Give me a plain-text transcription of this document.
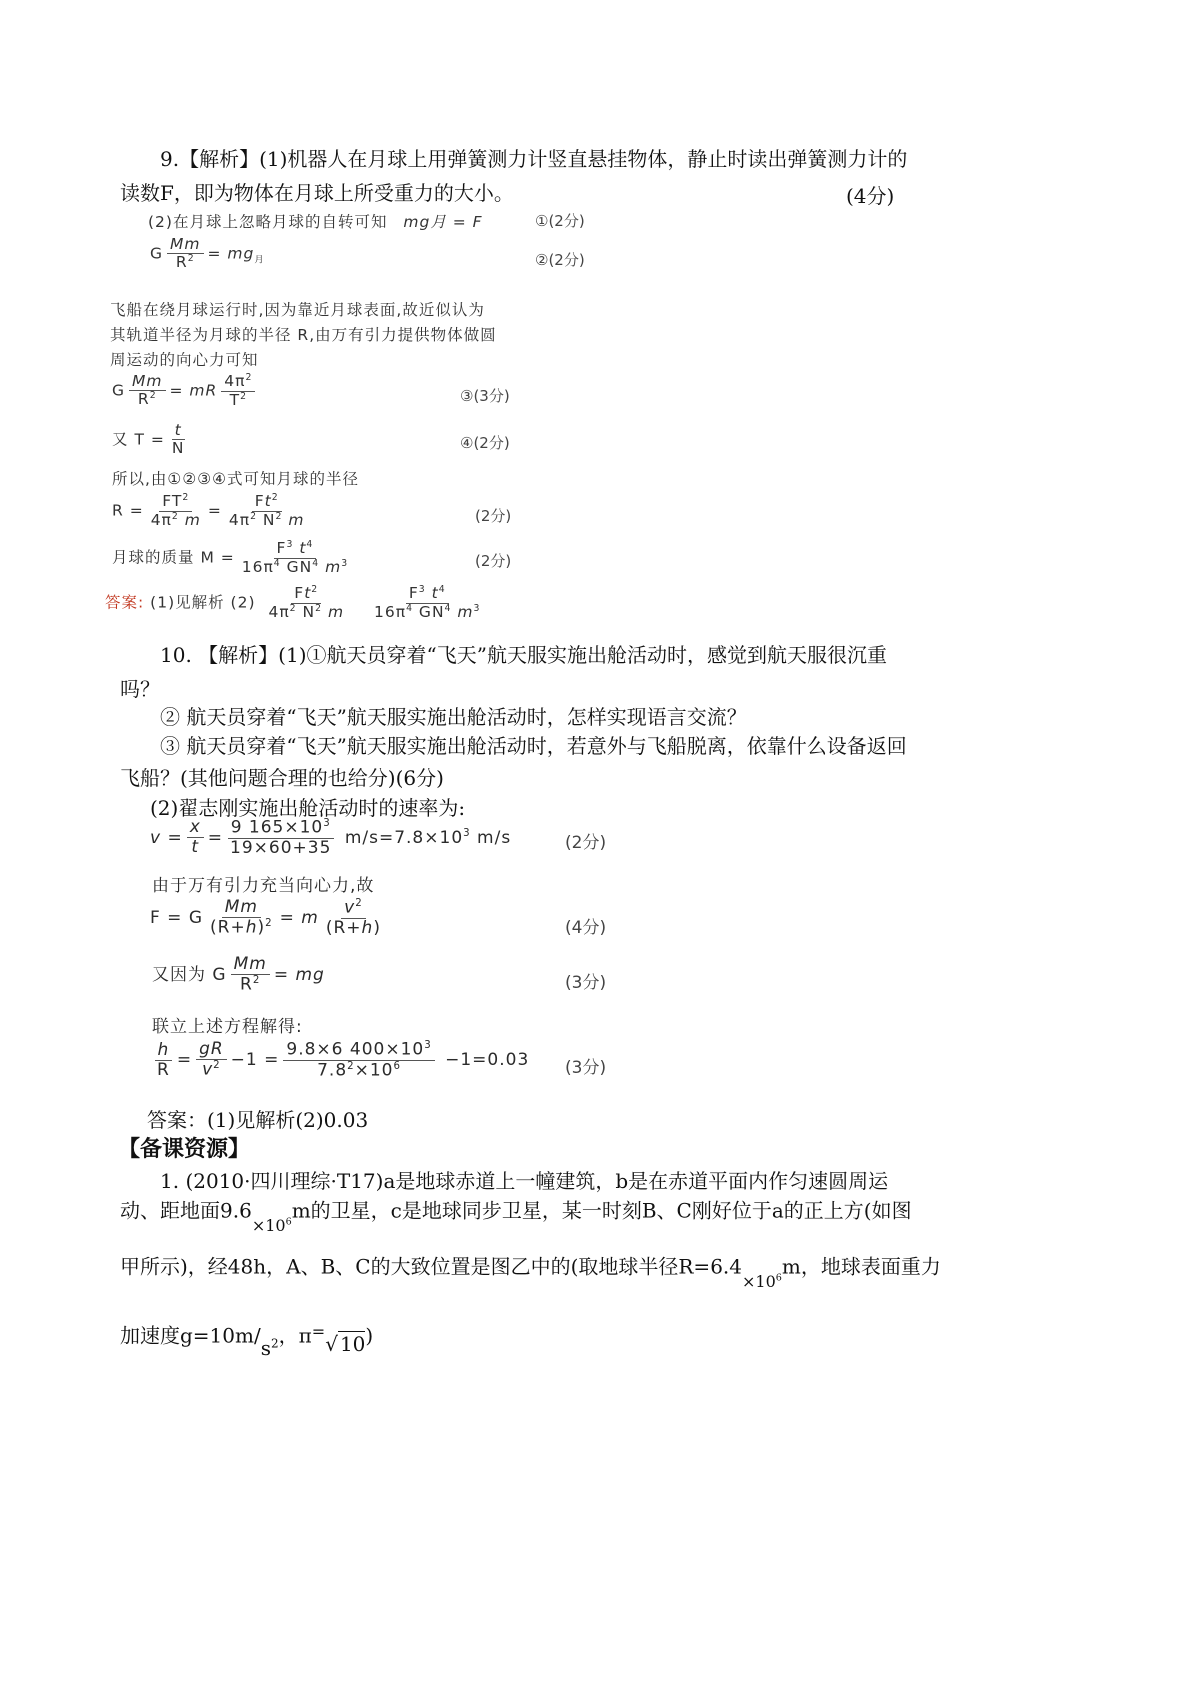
9.【解析】(1)机器人在月球上用弹簧测力计竖直悬挂物体，静止时读出弹簧测力计的

读数F，即为物体在月球上所受重力的大小。	(4分)
(2)在月球上忽略月球的自转可知 mg月 = F	①(2分)
G $\frac{Mm}{R^2} = mg_月$	②(2分)
飞船在绕月球运行时,因为靠近月球表面,故近似认为
其轨道半径为月球的半径 R,由万有引力提供物体做圆
周运动的向心力可知
G $\frac{Mm}{R^2}$ = mR $\frac{4\pi^2}{T^2}$	③(3分)
又 $T = \frac{t}{N}$	④(2分)
所以,由①②③④式可知月球的半径
$R = \frac{FT^2}{4\pi^2 m} = \frac{Ft^2}{4\pi^2 N^2 m}$	(2分)
月球的质量 $M = \frac{F^3 t^4}{16\pi^4 GN^4 m^3}$	(2分)
答案: (1)见解析 $(2) \frac{Ft^2}{4\pi^2 N^2 m}$
$\frac{F^3 t^4}{16\pi^4 GN^4 m^3}$

10. 【解析】(1)①航天员穿着“飞天”航天服实施出舱活动时，感觉到航天服很沉重

吗？

② 航天员穿着“飞天”航天服实施出舱活动时，怎样实现语言交流？

③ 航天员穿着“飞天”航天服实施出舱活动时，若意外与飞船脱离，依靠什么设备返回

飞船？(其他问题合理的也给分)(6分)

(2)翟志刚实施出舱活动时的速率为:

$v = \frac{x}{t} = \frac{9 165\times 10^3}{19\times 60+35} m/s=7.8\times 10^3$ m/s	(2分)
由于万有引力充当向心力,故
F = G $\frac{Mm}{(R+h)^2} = m \frac{v^2}{(R+h)}$	(4分)
又因为 G $\frac{Mm}{R^2}$ = mg	(3分)
联立上述方程解得:
$\frac{h}{R} = \frac{gR}{v^2} -1 = \frac{9.8\times 6 400\times 10^3}{7.8^2\times 10^6} -1=0.03$ (3分)

答案：(1)见解析(2)0.03

【备课资源】

1. (2010·四川理综·T17)a是地球赤道上一幢建筑，b是在赤道平面内作匀速圆周运

动、距地面$9.6_{\times 10^6}m$的卫星，c是地球同步卫星，某一时刻B、C刚好位于a的正上方(如图

甲所示)，经48h，A、B、C的大致位置是图乙中的(取地球半径$R=6.4_{\times 10^6}m$，地球表面重力

加速度$g=10m/s^2$，π=√ 10)
